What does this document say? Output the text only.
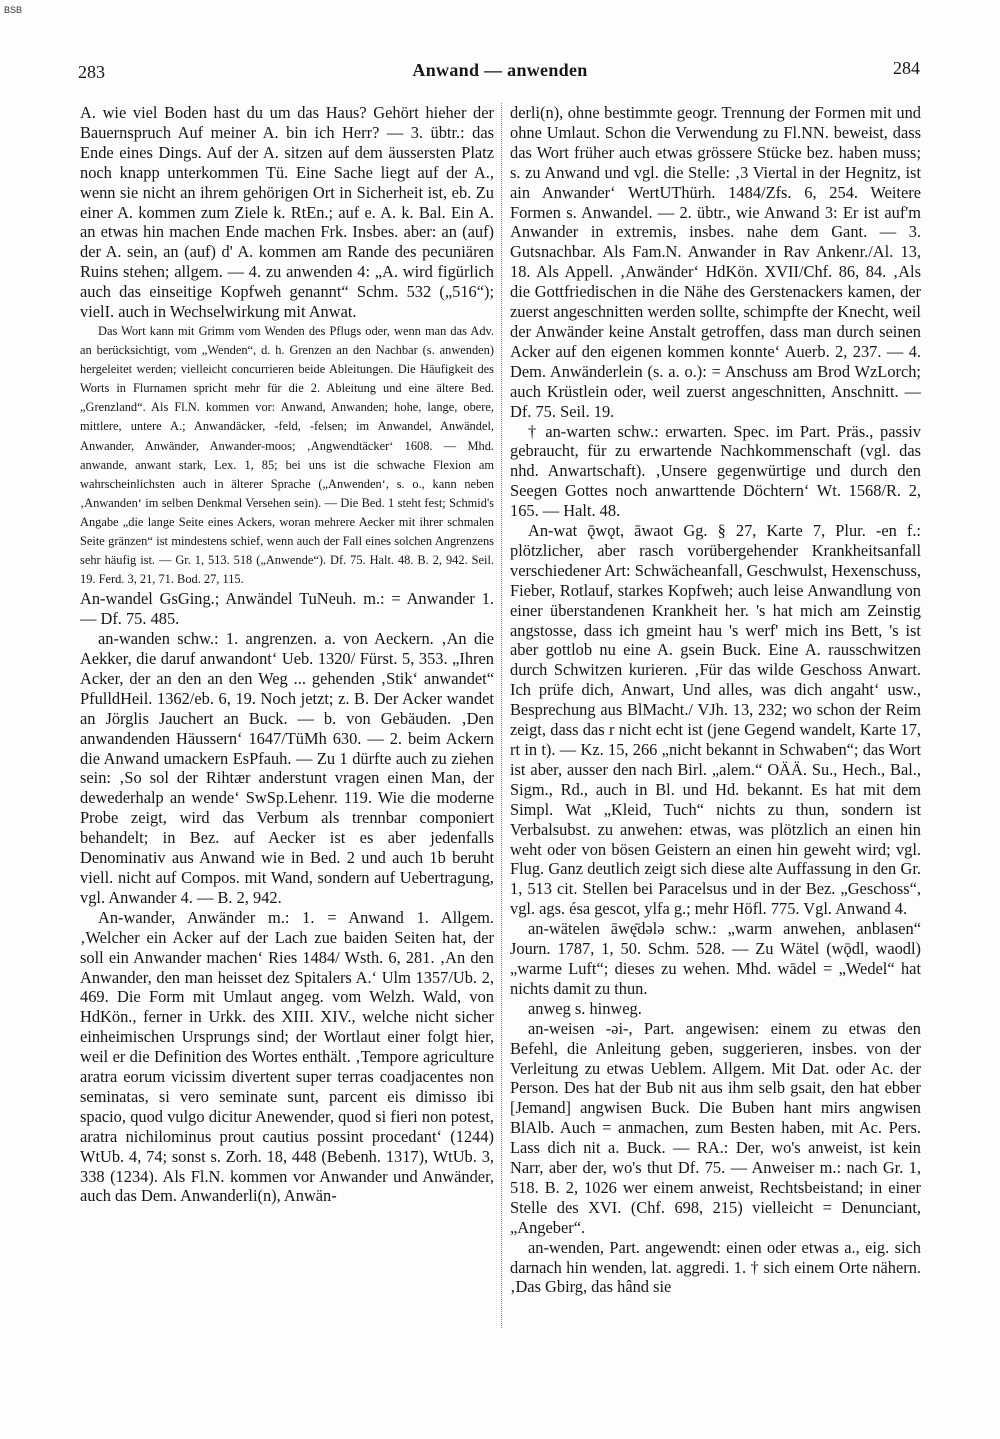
BSB
283	Anwand — anwenden	284

A. wie viel Boden hast du um das Haus? Gehört hieher der Bauernspruch Auf meiner A. bin ich Herr? — 3. übtr.: das Ende eines Dings. Auf der A. sitzen auf dem äussersten Platz noch knapp unterkommen Tü. Eine Sache liegt auf der A., wenn sie nicht an ihrem gehörigen Ort in Sicherheit ist, eb. Zu einer A. kommen zum Ziele k. RtEn.; auf e. A. k. Bal. Ein A. an etwas hin machen Ende machen Frk. Insbes. aber: an (auf) der A. sein, an (auf) d' A. kommen am Rande des pecuniären Ruins stehen; allgem. — 4. zu anwenden 4: „A. wird figürlich auch das einseitige Kopfweh genannt“ Schm. 532 („516“); vielI. auch in Wechselwirkung mit Anwat.

Das Wort kann mit Grimm vom Wenden des Pflugs oder, wenn man das Adv. an berücksichtigt, vom „Wenden“, d. h. Grenzen an den Nachbar (s. anwenden) hergeleitet werden; vielleicht concurrieren beide Ableitungen. Die Häufigkeit des Worts in Flurnamen spricht mehr für die 2. Ableitung und eine ältere Bed. „Grenzland“. Als Fl.N. kommen vor: Anwand, Anwanden; hohe, lange, obere, mittlere, untere A.; Anwandäcker, -feld, -felsen; im Anwandel, Anwändel, Anwander, Anwänder, Anwander-moos; ‚Angwendtäcker‘ 1608. — Mhd. anwande, anwant stark, Lex. 1, 85; bei uns ist die schwache Flexion am wahrscheinlichsten auch in älterer Sprache („Anwenden‘, s. o., kann neben ‚Anwanden‘ im selben Denkmal Versehen sein). — Die Bed. 1 steht fest; Schmid's Angabe „die lange Seite eines Ackers, woran mehrere Aecker mit ihrer schmalen Seite gränzen“ ist mindestens schief, wenn auch der Fall eines solchen Angrenzens sehr häufig ist. — Gr. 1, 513. 518 („Anwende“). Df. 75. Halt. 48. B. 2, 942. Seil. 19. Ferd. 3, 21, 71. Bod. 27, 115.

An-wandel GsGing.; Anwändel TuNeuh. m.: = Anwander 1. — Df. 75. 485.

an-wanden schw.: 1. angrenzen. a. von Aeckern. ‚An die Aekker, die daruf anwandont‘ Ueb. 1320/ Fürst. 5, 353. „Ihren Acker, der an den an den Weg ... gehenden ‚Stik‘ anwandet“ PfulldHeil. 1362/eb. 6, 19. Noch jetzt; z. B. Der Acker wandet an Jörglis Jauchert an Buck. — b. von Gebäuden. ‚Den anwandenden Häussern‘ 1647/TüMh 630. — 2. beim Ackern die Anwand umackern EsPfauh. — Zu 1 dürfte auch zu ziehen sein: ‚So sol der Rihtær anderstunt vragen einen Man, der dewederhalp an wende‘ SwSp.Lehenr. 119. Wie die moderne Probe zeigt, wird das Verbum als trennbar componiert behandelt; in Bez. auf Aecker ist es aber jedenfalls Denominativ aus Anwand wie in Bed. 2 und auch 1b beruht viell. nicht auf Compos. mit Wand, sondern auf Uebertragung, vgl. Anwander 4. — B. 2, 942.

An-wander, Anwänder m.: 1. = Anwand 1. Allgem. ‚Welcher ein Acker auf der Lach zue baiden Seiten hat, der soll ein Anwander machen‘ Ries 1484/ Wsth. 6, 281. ‚An den Anwander, den man heisset dez Spitalers A.‘ Ulm 1357/Ub. 2, 469. Die Form mit Umlaut angeg. vom Welzh. Wald, von HdKön., ferner in Urkk. des XIII. XIV., welche nicht sicher einheimischen Ursprungs sind; der Wortlaut einer folgt hier, weil er die Definition des Wortes enthält. ‚Tempore agriculture aratra eorum vicissim divertent super terras coadjacentes non seminatas, si vero seminate sunt, parcent eis dimisso ibi spacio, quod vulgo dicitur Anewender, quod si fieri non potest, aratra nichilominus prout cautius possint procedant‘ (1244) WtUb. 4, 74; sonst s. Zorh. 18, 448 (Bebenh. 1317), WtUb. 3, 338 (1234). Als Fl.N. kommen vor Anwander und Anwänder, auch das Dem. Anwanderli(n), Anwän-

derli(n), ohne bestimmte geogr. Trennung der Formen mit und ohne Umlaut. Schon die Verwendung zu Fl.NN. beweist, dass das Wort früher auch etwas grössere Stücke bez. haben muss; s. zu Anwand und vgl. die Stelle: ‚3 Viertal in der Hegnitz, ist ain Anwander‘ WertUThürh. 1484/Zfs. 6, 254. Weitere Formen s. Anwandel. — 2. übtr., wie Anwand 3: Er ist auf'm Anwander in extremis, insbes. nahe dem Gant. — 3. Gutsnachbar. Als Fam.N. Anwander in Rav Ankenr./Al. 13, 18. Als Appell. ‚Anwänder‘ HdKön. XVII/Chf. 86, 84. ‚Als die Gottfriedischen in die Nähe des Gerstenackers kamen, der zuerst angeschnitten werden sollte, schimpfte der Knecht, weil der Anwänder keine Anstalt getroffen, dass man durch seinen Acker auf den eigenen kommen konnte‘ Auerb. 2, 237. — 4. Dem. Anwänderlein (s. a. o.): = Anschuss am Brod WzLorch; auch Krüstlein oder, weil zuerst angeschnitten, Anschnitt. — Df. 75. Seil. 19.

† an-warten schw.: erwarten. Spec. im Part. Präs., passiv gebraucht, für zu erwartende Nachkommenschaft (vgl. das nhd. Anwartschaft). ‚Unsere gegenwürtige und durch den Seegen Gottes noch anwarttende Döchtern‘ Wt. 1568/R. 2, 165. — Halt. 48.

An-wat ǭwǫt, āwaot Gg. § 27, Karte 7, Plur. -en f.: plötzlicher, aber rasch vorübergehender Krankheitsanfall verschiedener Art: Schwächeanfall, Geschwulst, Hexenschuss, Fieber, Rotlauf, starkes Kopfweh; auch leise Anwandlung von einer überstandenen Krankheit her. 's hat mich am Zeinstig angstosse, dass ich gmeint hau 's werf' mich ins Bett, 's ist aber gottlob nu eine A. gsein Buck. Eine A. rausschwitzen durch Schwitzen kurieren. ‚Für das wilde Geschoss Anwart. Ich prüfe dich, Anwart, Und alles, was dich angaht‘ usw., Besprechung aus BlMacht./ VJh. 13, 232; wo schon der Reim zeigt, dass das r nicht echt ist (jene Gegend wandelt, Karte 17, rt in t). — Kz. 15, 266 „nicht bekannt in Schwaben“; das Wort ist aber, ausser den nach Birl. „alem.“ OÄÄ. Su., Hech., Bal., Sigm., Rd., auch in Bl. und Hd. bekannt. Es hat mit dem Simpl. Wat „Kleid, Tuch“ nichts zu thun, sondern ist Verbalsubst. zu anwehen: etwas, was plötzlich an einen hin weht oder von bösen Geistern an einen hin geweht wird; vgl. Flug. Ganz deutlich zeigt sich diese alte Auffassung in den Gr. 1, 513 cit. Stellen bei Paracelsus und in der Bez. „Geschoss“, vgl. ags. ésa gescot, ylfa g.; mehr Höfl. 775. Vgl. Anwand 4.

an-wätelen āwę̄dələ schw.: „warm anwehen, anblasen“ Journ. 1787, 1, 50. Schm. 528. — Zu Wätel (wǭdl, waodl) „warme Luft“; dieses zu wehen. Mhd. wādel = „Wedel“ hat nichts damit zu thun.

anweg s. hinweg.

an-weisen -əi-, Part. angewisen: einem zu etwas den Befehl, die Anleitung geben, suggerieren, insbes. von der Verleitung zu etwas Ueblem. Allgem. Mit Dat. oder Ac. der Person. Des hat der Bub nit aus ihm selb gsait, den hat ebber [Jemand] angwisen Buck. Die Buben hant mirs angwisen BlAlb. Auch = anmachen, zum Besten haben, mit Ac. Pers. Lass dich nit a. Buck. — RA.: Der, wo's anweist, ist kein Narr, aber der, wo's thut Df. 75. — Anweiser m.: nach Gr. 1, 518. B. 2, 1026 wer einem anweist, Rechtsbeistand; in einer Stelle des XVI. (Chf. 698, 215) vielleicht = Denunciant, „Angeber“.

an-wenden, Part. angewendt: einen oder etwas a., eig. sich darnach hin wenden, lat. aggredi. 1. † sich einem Orte nähern. ‚Das Gbirg, das hând sie
